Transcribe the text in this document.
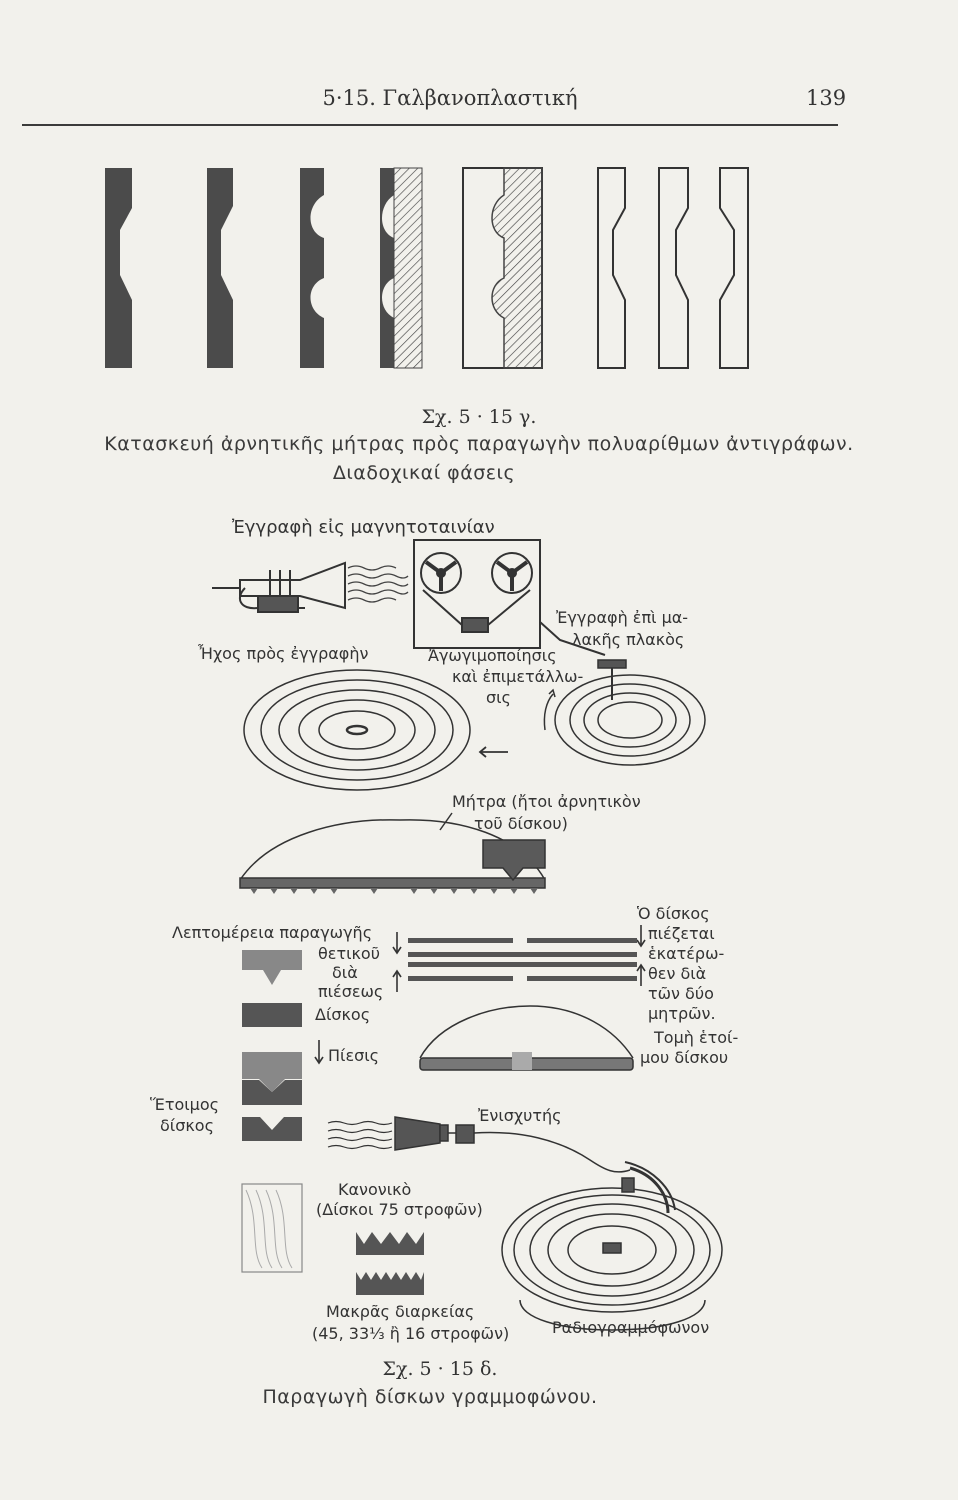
5·15. Γαλβανοπλαστική	139
Σχ. 5 · 15 γ.
Κατασκευή ἀρνητικῆς μήτρας πρὸς παραγωγὴν πολυαρίθμων ἀντιγράφων.
Διαδοχικαί φάσεις
Ἐγγραφὴ εἰς μαγνητοταινίαν
Ἐγγραφὴ ἐπὶ μα-
λακῆς πλακὸς
Ἦχος πρὸς ἐγγραφὴν	Ἀγωγιμοποίησις
καὶ ἐπιμετάλλω-
σις
Μήτρα (ἤτοι ἀρνητικὸν
τοῦ δίσκου)
Λεπτομέρεια παραγωγῆς
θετικοῦ
διὰ
πιέσεως
Δίσκος
Πίεσις
Ἕτοιμος
δίσκος
Ὁ δίσκος
πιέζεται
ἑκατέρω-
θεν διὰ
τῶν δύο
μητρῶν.
Τομὴ ἑτοί-
μου δίσκου
Ἐνισχυτής
Κανονικὸ
(Δίσκοι 75 στροφῶν)
Μακρᾶς διαρκείας
(45, 33⅓ ἢ 16 στροφῶν)	Ραδιογραμμόφωνον
Σχ. 5 · 15 δ.
Παραγωγὴ δίσκων γραμμοφώνου.
